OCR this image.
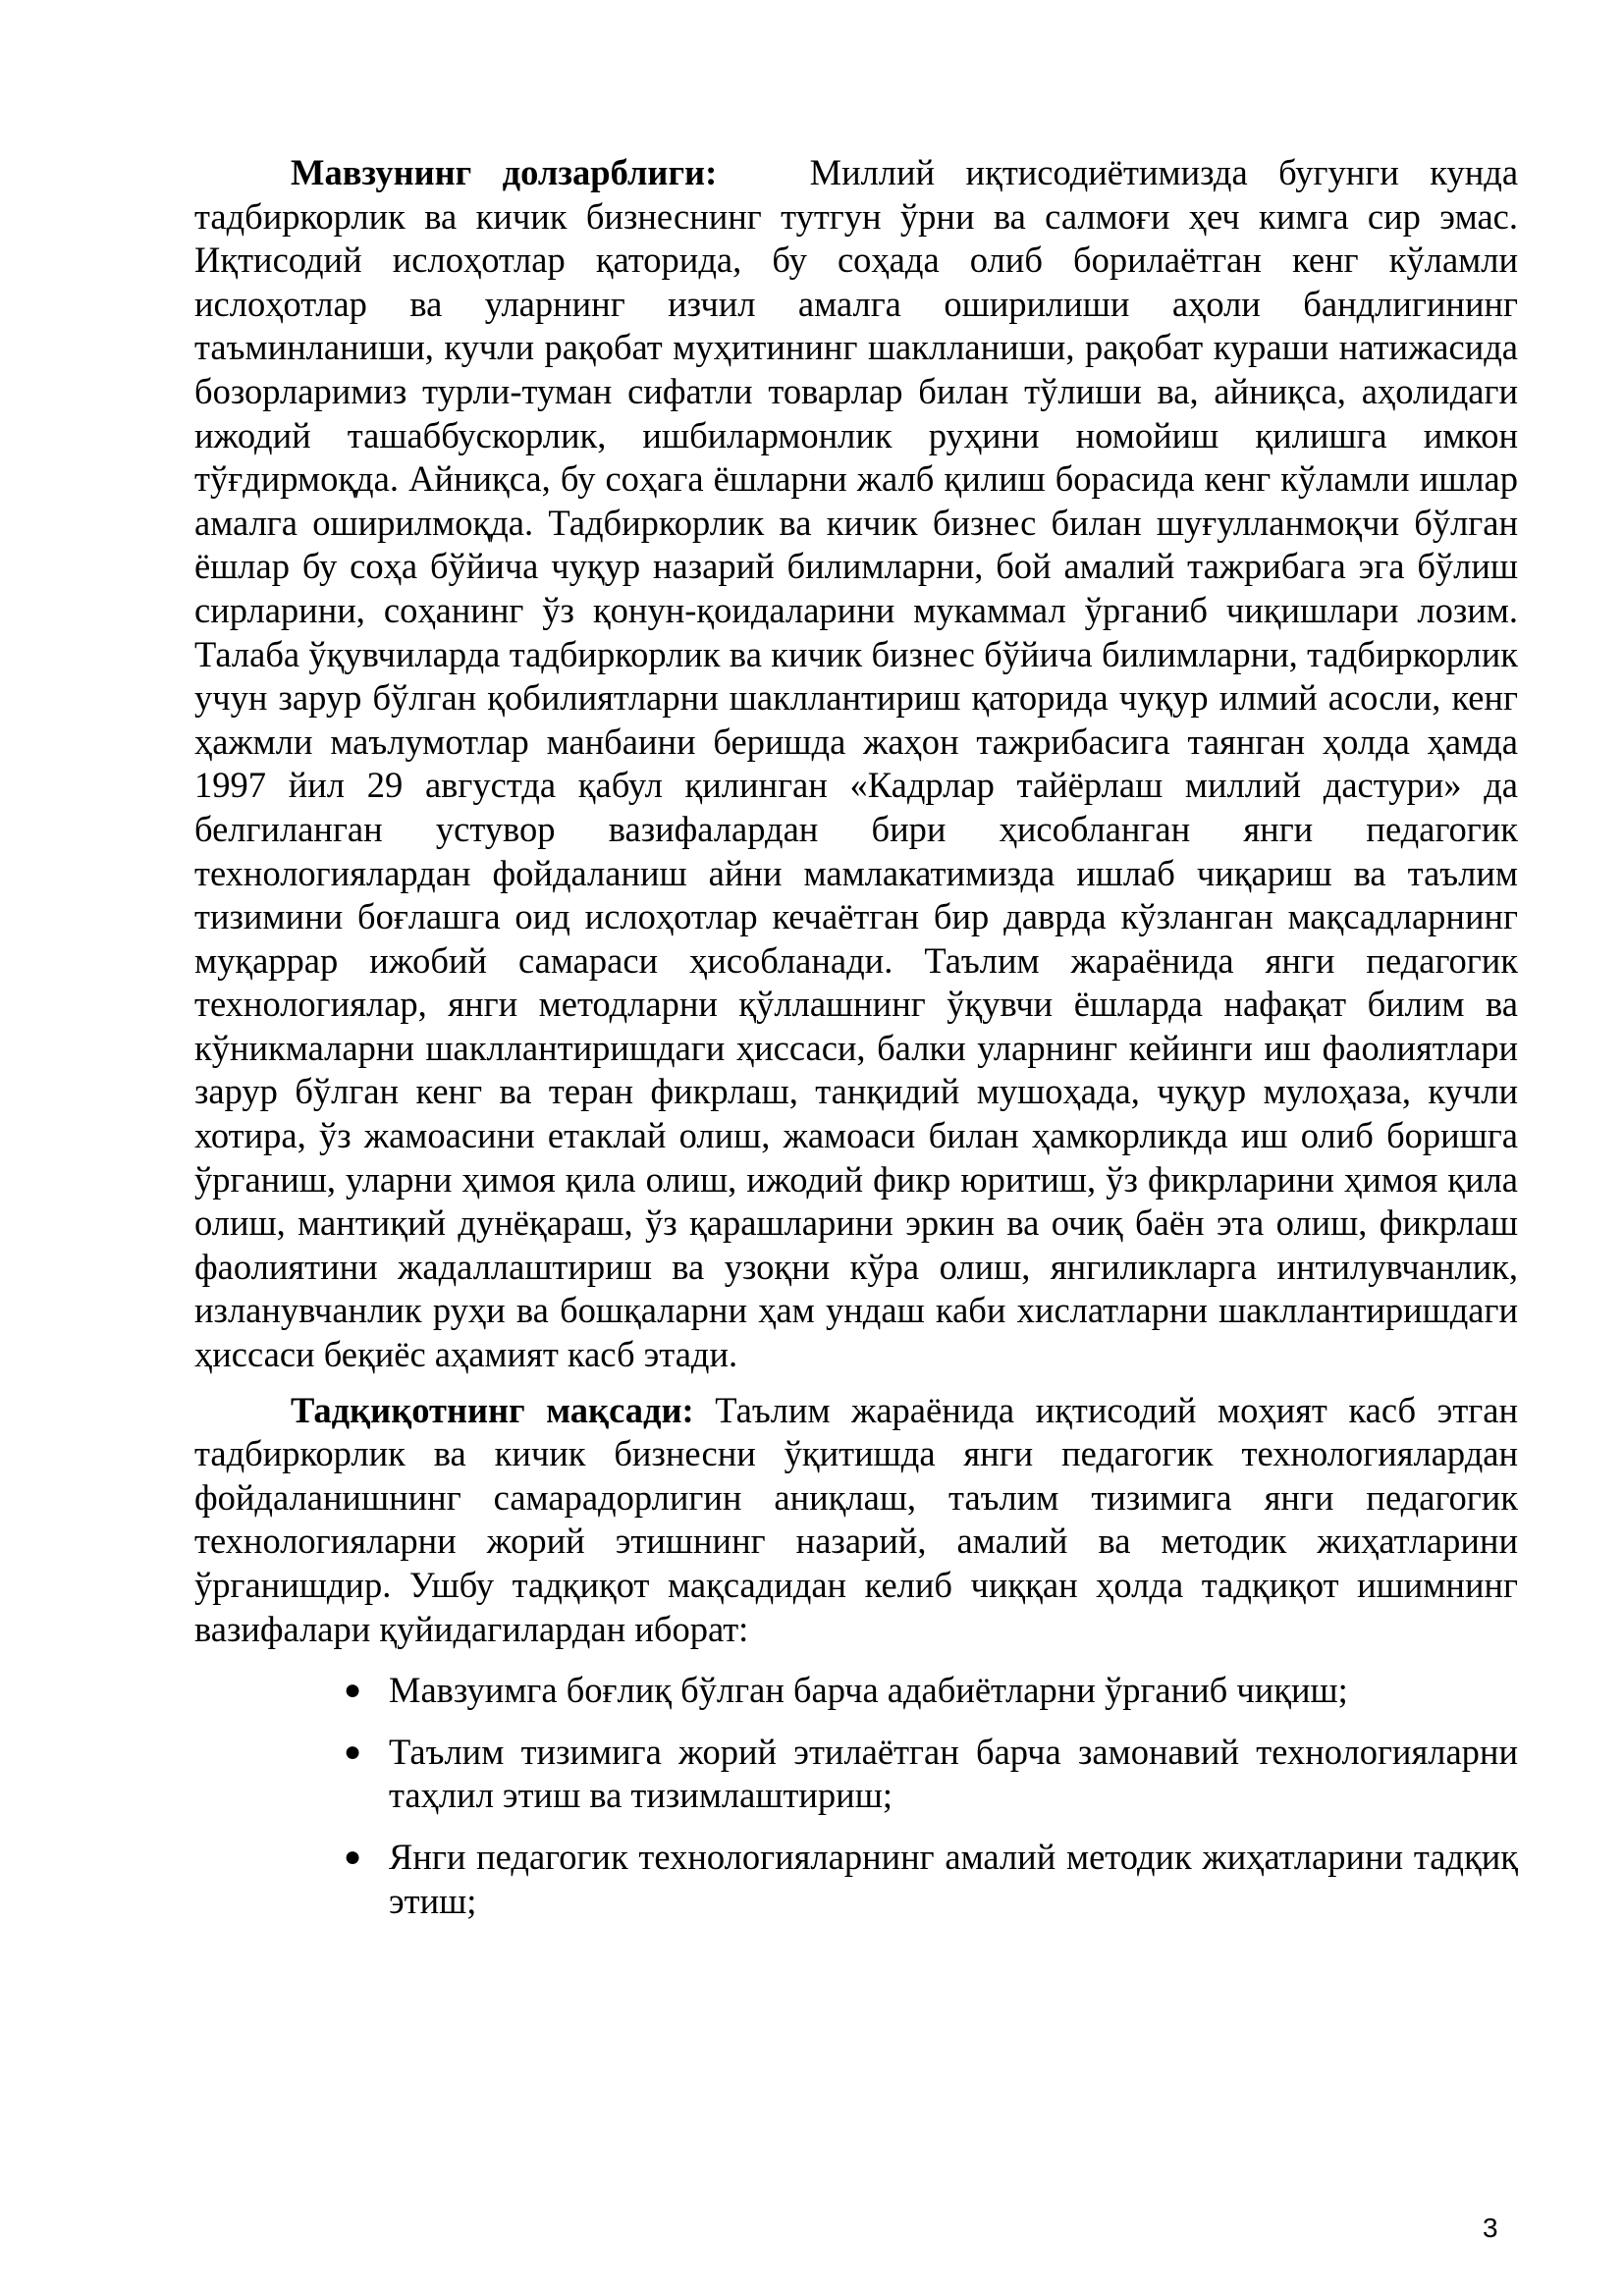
Мавзунинг долзарблиги:	Миллий иқтисодиётимизда бугунги кунда тадбиркорлик ва кичик бизнеснинг тутгун ўрни ва салмоғи ҳеч кимга сир эмас. Иқтисодий ислоҳотлар қаторида, бу соҳада олиб борилаётган кенг кўламли ислоҳотлар ва уларнинг изчил амалга оширилиши аҳоли бандлигининг таъминланиши, кучли рақобат муҳитининг шаклланиши, рақобат кураши натижасида бозорларимиз турли-туман сифатли товарлар билан тўлиши ва, айниқса, аҳолидаги ижодий ташаббускорлик, ишбилармонлик руҳини номойиш қилишга имкон тўғдирмоқда. Айниқса, бу соҳага ёшларни жалб қилиш борасида кенг кўламли ишлар амалга оширилмоқда. Тадбиркорлик ва кичик бизнес билан шуғулланмоқчи бўлган ёшлар бу соҳа бўйича чуқур назарий билимларни, бой амалий тажрибага эга бўлиш сирларини, соҳанинг ўз қонун-қоидаларини мукаммал ўрганиб чиқишлари лозим. Талаба ўқувчиларда тадбиркорлик ва кичик бизнес бўйича билимларни, тадбиркорлик учун зарур бўлган қобилиятларни шакллантириш қаторида чуқур илмий асосли, кенг ҳажмли маълумотлар манбаини беришда жаҳон тажрибасига таянган ҳолда ҳамда 1997 йил 29 августда қабул қилинган «Кадрлар тайёрлаш миллий дастури» да белгиланган устувор вазифалардан бири ҳисобланган янги педагогик технологиялардан фойдаланиш айни мамлакатимизда ишлаб чиқариш ва таълим тизимини боғлашга оид ислоҳотлар кечаётган бир даврда кўзланган мақсадларнинг муқаррар ижобий самараси ҳисобланади. Таълим жараёнида янги педагогик технологиялар, янги методларни қўллашнинг ўқувчи ёшларда нафақат билим ва кўникмаларни шакллантиришдаги ҳиссаси, балки уларнинг кейинги иш фаолиятлари зарур бўлган кенг ва теран фикрлаш, танқидий мушоҳада, чуқур мулоҳаза, кучли хотира, ўз жамоасини етаклай олиш, жамоаси билан ҳамкорликда иш олиб боришга ўрганиш, уларни ҳимоя қила олиш, ижодий фикр юритиш, ўз фикрларини ҳимоя қила олиш, мантиқий дунёқараш, ўз қарашларини эркин ва очиқ баён эта олиш, фикрлаш фаолиятини жадаллаштириш ва узоқни кўра олиш, янгиликларга интилувчанлик, изланувчанлик руҳи ва бошқаларни ҳам ундаш каби хислатларни шакллантиришдаги ҳиссаси беқиёс аҳамият касб этади.

Тадқиқотнинг мақсади: Таълим жараёнида иқтисодий моҳият касб этган тадбиркорлик ва кичик бизнесни ўқитишда янги педагогик технологиялардан фойдаланишнинг самарадорлигин аниқлаш, таълим тизимига янги педагогик технологияларни жорий этишнинг назарий, амалий ва методик жиҳатларини ўрганишдир. Ушбу тадқиқот мақсадидан келиб чиққан ҳолда тадқиқот ишимнинг вазифалари қуйидагилардан иборат:

● Мавзуимга боғлиқ бўлган барча адабиётларни ўрганиб чиқиш;
● Таълим тизимига жорий этилаётган барча замонавий технологияларни таҳлил этиш ва тизимлаштириш;
● Янги педагогик технологияларнинг амалий методик жиҳатларини тадқиқ этиш;
3
